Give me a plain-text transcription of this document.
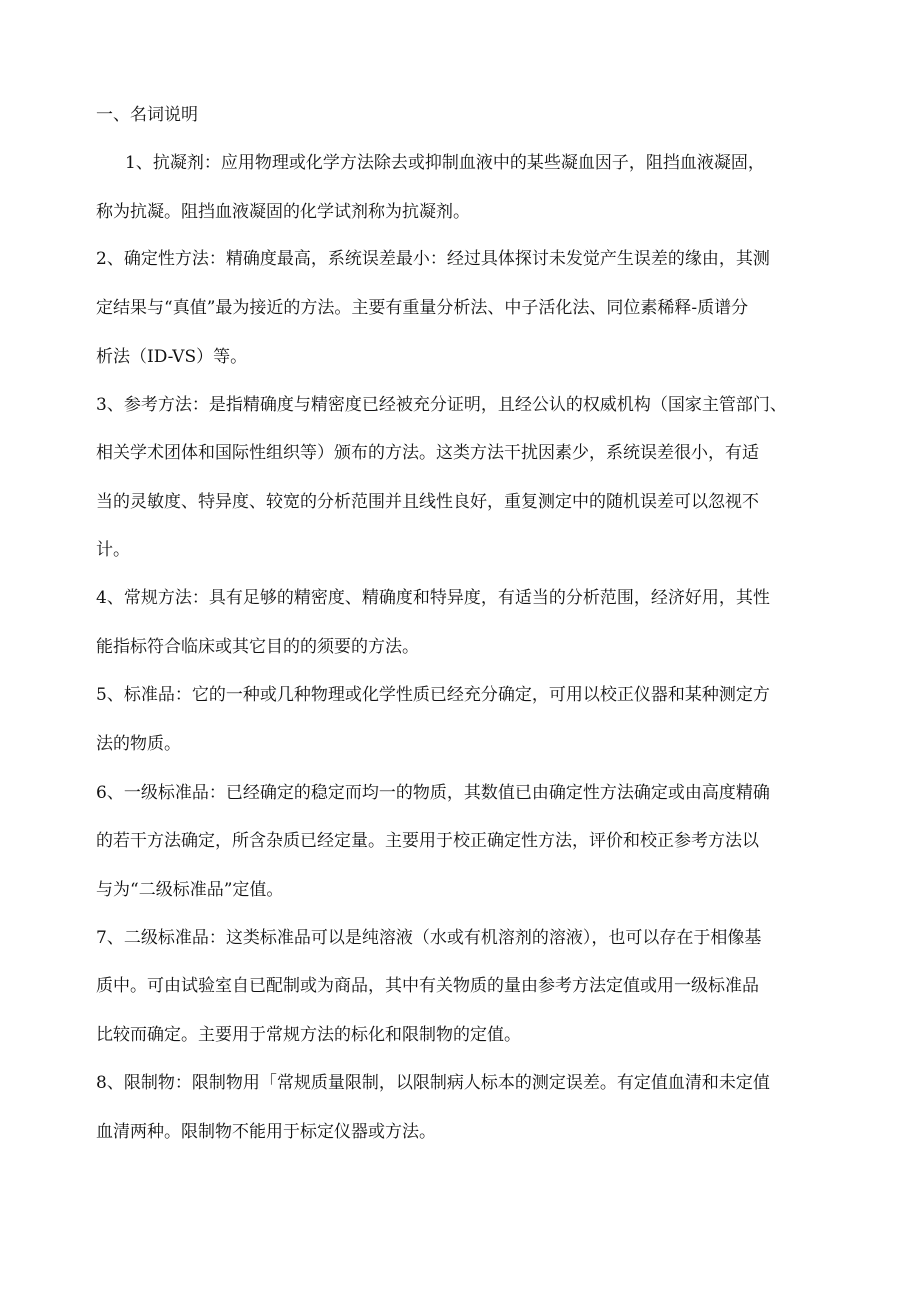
一、名词说明
1、抗凝剂：应用物理或化学方法除去或抑制血液中的某些凝血因子，阻挡血液凝固，
称为抗凝。阻挡血液凝固的化学试剂称为抗凝剂。
2、确定性方法：精确度最高，系统误差最小：经过具体探讨未发觉产生误差的缘由，其测
定结果与“真值”最为接近的方法。主要有重量分析法、中子活化法、同位素稀释-质谱分
析法（ID-VS）等。
3、参考方法：是指精确度与精密度已经被充分证明，且经公认的权威机构（国家主管部门、
相关学术团体和国际性组织等）颁布的方法。这类方法干扰因素少，系统误差很小，有适
当的灵敏度、特异度、较宽的分析范围并且线性良好，重复测定中的随机误差可以忽视不
计。
4、常规方法：具有足够的精密度、精确度和特异度，有适当的分析范围，经济好用，其性
能指标符合临床或其它目的的须要的方法。
5、标准品：它的一种或几种物理或化学性质已经充分确定，可用以校正仪器和某种测定方
法的物质。
6、一级标准品：已经确定的稳定而均一的物质，其数值已由确定性方法确定或由高度精确
的若干方法确定，所含杂质已经定量。主要用于校正确定性方法，评价和校正参考方法以
与为“二级标准品”定值。
7、二级标准品：这类标准品可以是纯溶液（水或有机溶剂的溶液），也可以存在于相像基
质中。可由试验室自已配制或为商品，其中有关物质的量由参考方法定值或用一级标准品
比较而确定。主要用于常规方法的标化和限制物的定值。
8、限制物：限制物用「常规质量限制，以限制病人标本的测定误差。有定值血清和未定值
血清两种。限制物不能用于标定仪器或方法。
